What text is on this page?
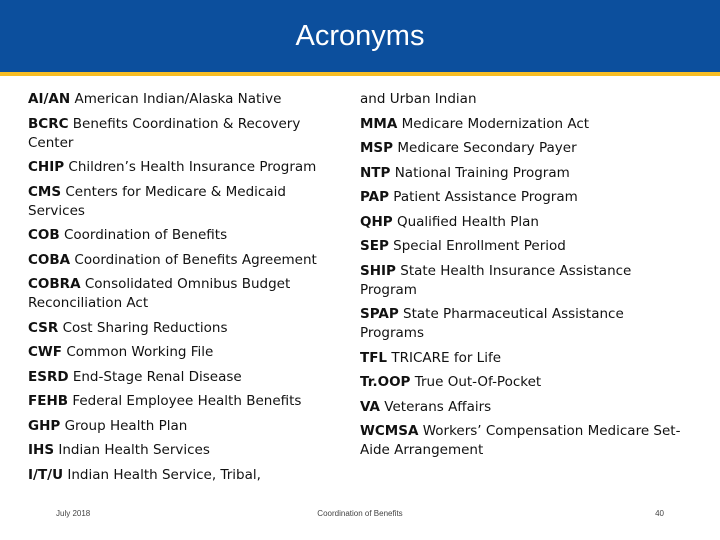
Acronyms
AI/AN American Indian/Alaska Native
BCRC Benefits Coordination & Recovery Center
CHIP Children’s Health Insurance Program
CMS Centers for Medicare & Medicaid Services
COB Coordination of Benefits
COBA Coordination of Benefits Agreement
COBRA Consolidated Omnibus Budget Reconciliation Act
CSR Cost Sharing Reductions
CWF Common Working File
ESRD End-Stage Renal Disease
FEHB Federal Employee Health Benefits
GHP Group Health Plan
IHS Indian Health Services
I/T/U Indian Health Service, Tribal,
and Urban Indian
MMA Medicare Modernization Act
MSP Medicare Secondary Payer
NTP National Training Program
PAP Patient Assistance Program
QHP Qualified Health Plan
SEP Special Enrollment Period
SHIP State Health Insurance Assistance Program
SPAP State Pharmaceutical Assistance Programs
TFL TRICARE for Life
Tr.OOP True Out-Of-Pocket
VA Veterans Affairs
WCMSA Workers’ Compensation Medicare Set-Aide Arrangement
July 2018	Coordination of Benefits	40
